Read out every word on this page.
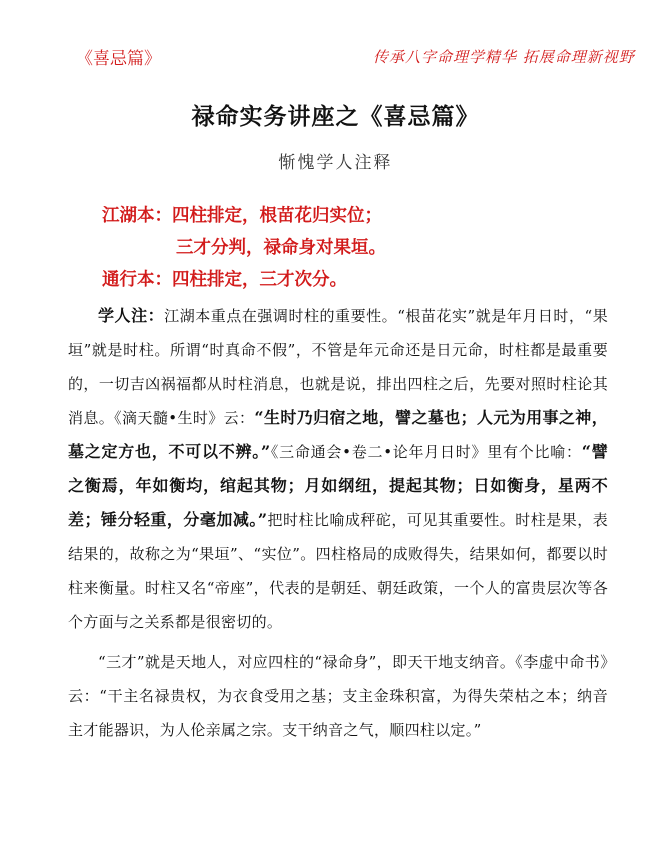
《喜忌篇》	传承八字命理学精华 拓展命理新视野
禄命实务讲座之《喜忌篇》
惭愧学人注释
江湖本：四柱排定，根苗花归实位；
三才分判，禄命身对果垣。
通行本：四柱排定，三才次分。

学人注：江湖本重点在强调时柱的重要性。“根苗花实”就是年月日时，“果垣”就是时柱。所谓“时真命不假”，不管是年元命还是日元命，时柱都是最重要的，一切吉凶祸福都从时柱消息，也就是说，排出四柱之后，先要对照时柱论其消息。《滴天髓•生时》云：“生时乃归宿之地，譬之墓也；人元为用事之神，墓之定方也，不可以不辨。”《三命通会•卷二•论年月日时》里有个比喻：“譬之衡焉，年如衡均，绾起其物；月如纲纽，提起其物；日如衡身，星两不差；锤分轻重，分毫加减。”把时柱比喻成秤砣，可见其重要性。时柱是果，表结果的，故称之为“果垣”、“实位”。四柱格局的成败得失，结果如何，都要以时柱来衡量。时柱又名“帝座”，代表的是朝廷、朝廷政策，一个人的富贵层次等各个方面与之关系都是很密切的。

“三才”就是天地人，对应四柱的“禄命身”，即天干地支纳音。《李虚中命书》云：“干主名禄贵权，为衣食受用之基；支主金珠积富，为得失荣枯之本；纳音主才能器识，为人伦亲属之宗。支干纳音之气，顺四柱以定。”
